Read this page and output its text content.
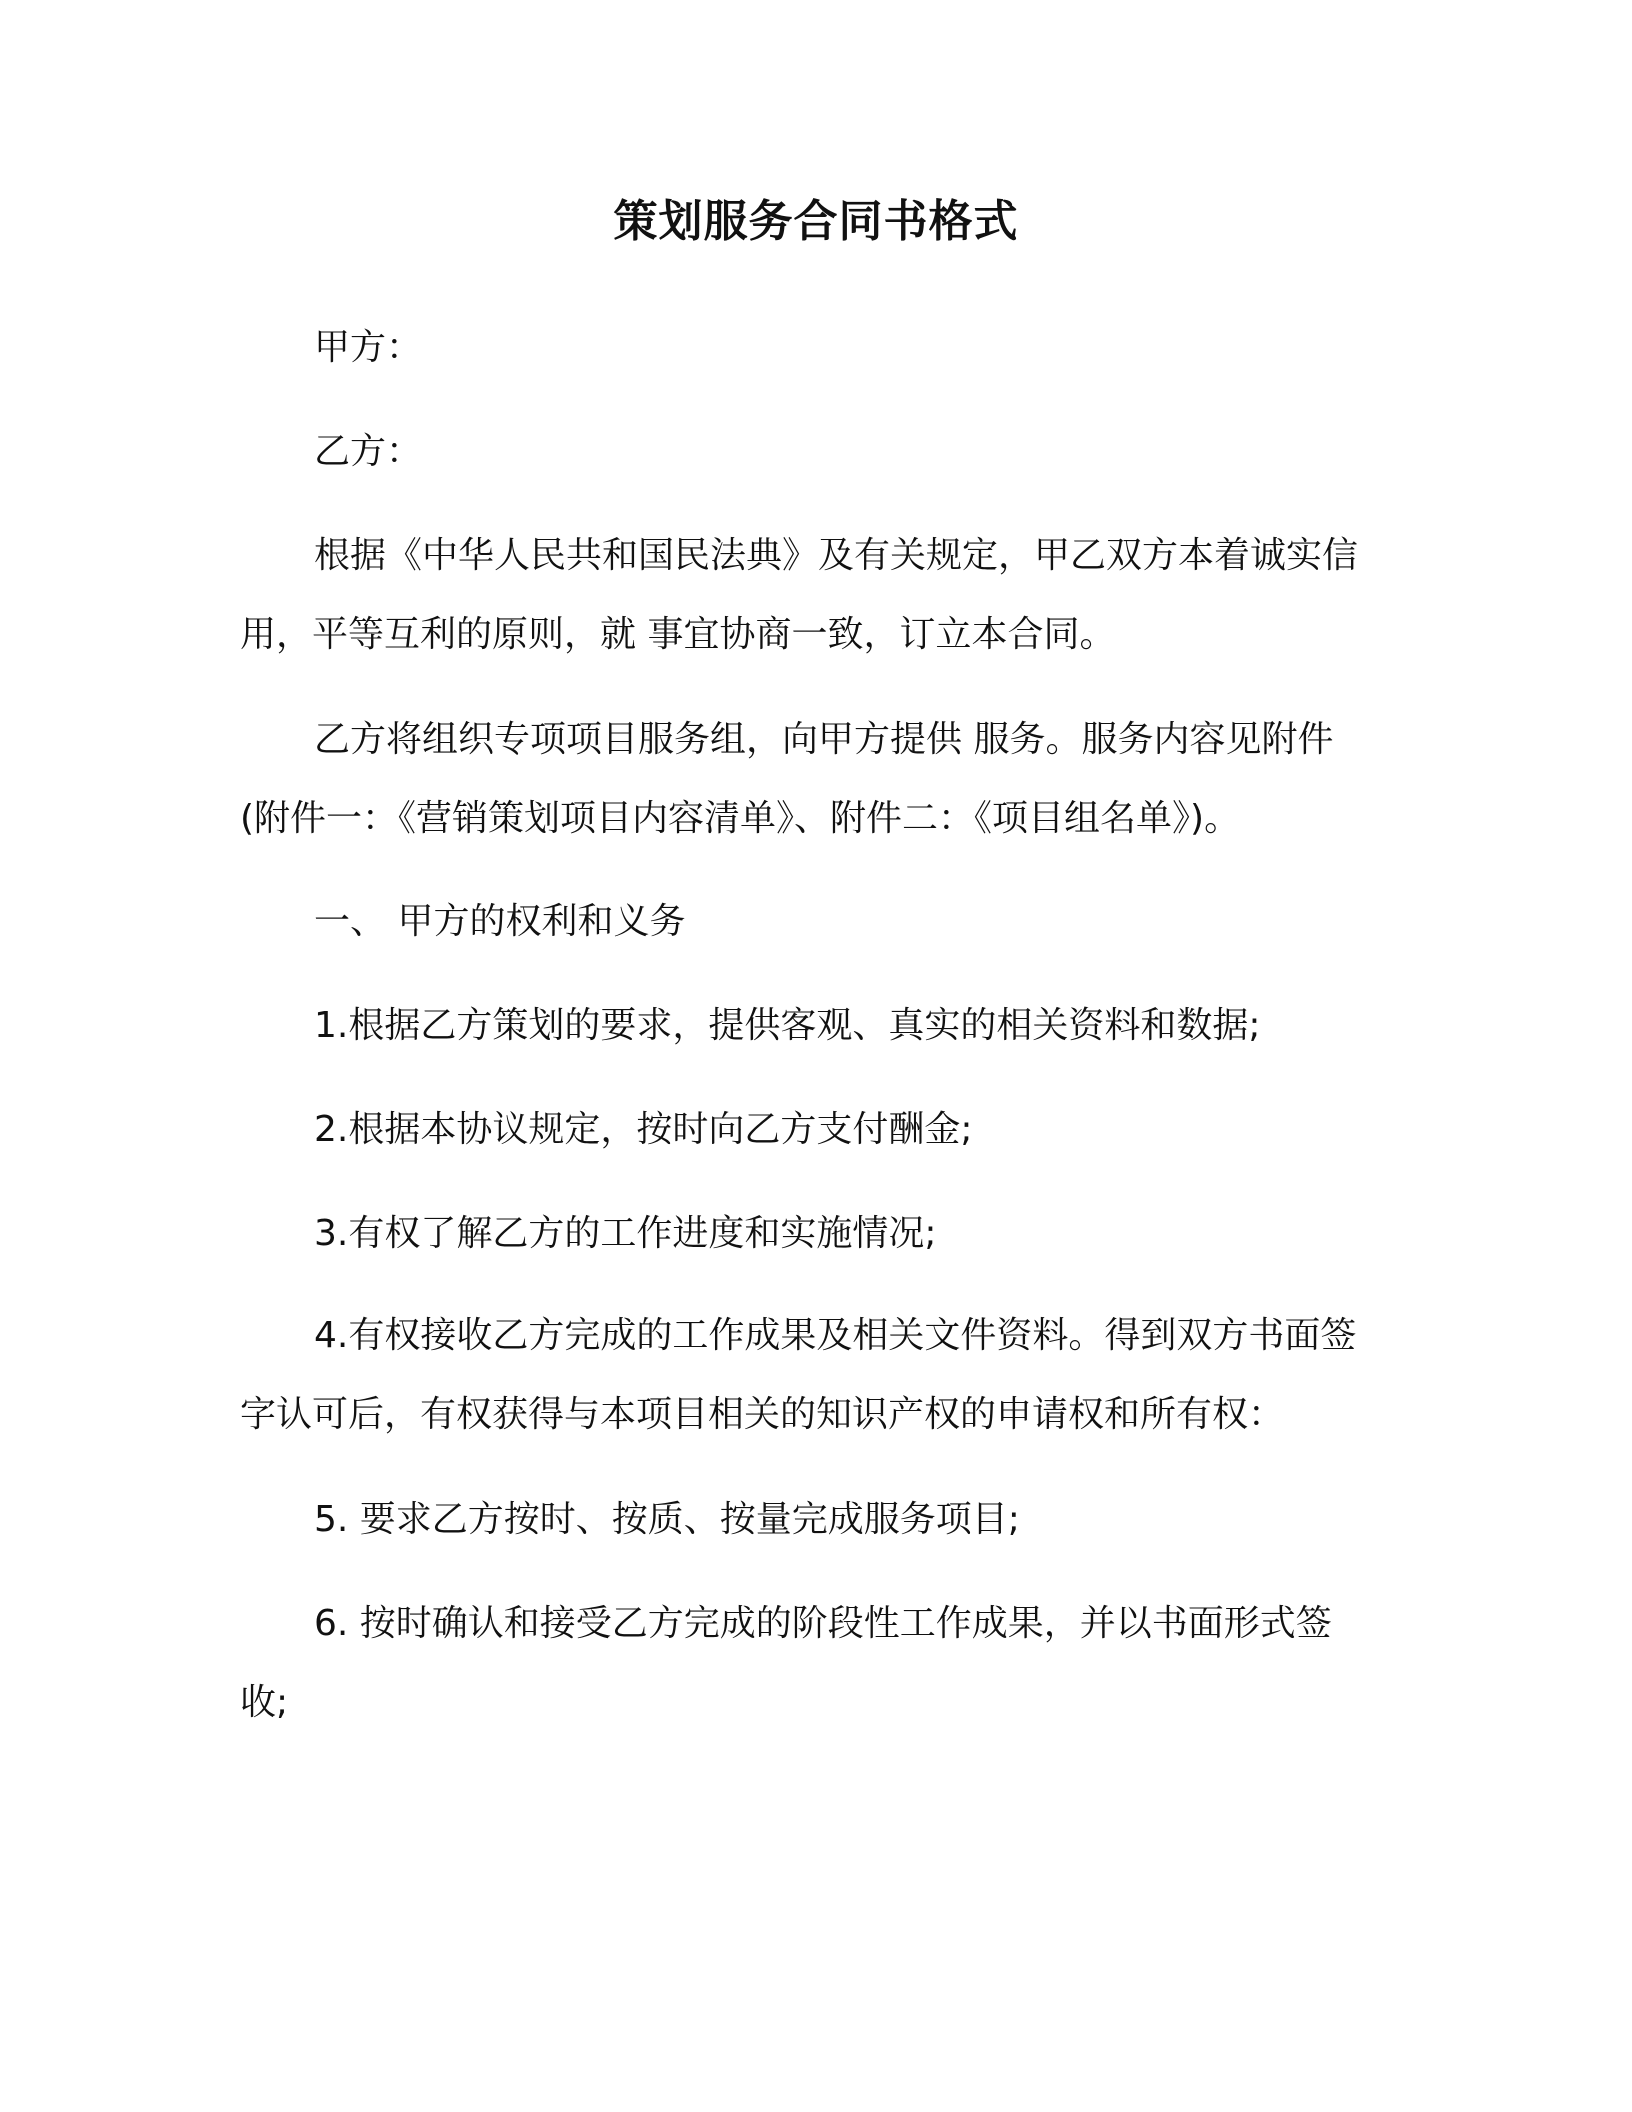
策划服务合同书格式

甲方：

乙方：

根据《中华人民共和国民法典》及有关规定，甲乙双方本着诚实信用，平等互利的原则，就 事宜协商一致，订立本合同。

乙方将组织专项项目服务组，向甲方提供 服务。服务内容见附件(附件一：《营销策划项目内容清单》、附件二：《项目组名单》)。

一、 甲方的权利和义务

1.根据乙方策划的要求，提供客观、真实的相关资料和数据;

2.根据本协议规定，按时向乙方支付酬金;

3.有权了解乙方的工作进度和实施情况;

4.有权接收乙方完成的工作成果及相关文件资料。得到双方书面签字认可后，有权获得与本项目相关的知识产权的申请权和所有权：

5. 要求乙方按时、按质、按量完成服务项目;

6. 按时确认和接受乙方完成的阶段性工作成果，并以书面形式签收;
